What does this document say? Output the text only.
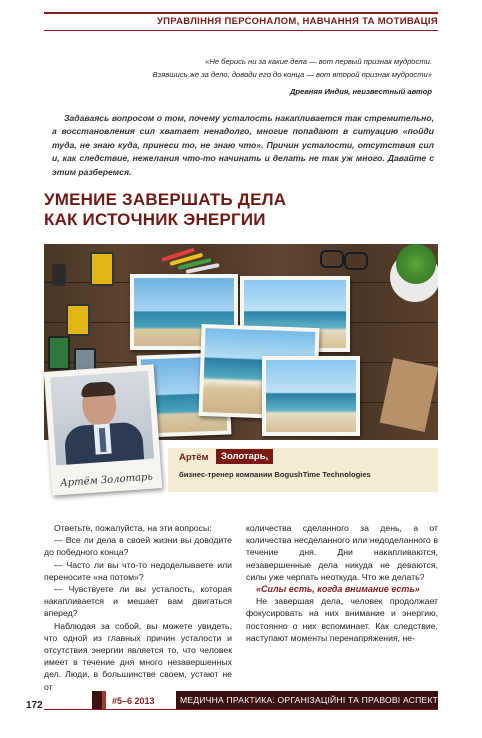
УПРАВЛІННЯ ПЕРСОНАЛОМ, НАВЧАННЯ ТА МОТИВАЦІЯ
«Не берись ни за какие дела — вот первый признак мудрости.
Взявшись же за дело, доводи его до конца — вот второй признак мудрости»
Древняя Индия, неизвестный автор
Задаваясь вопросом о том, почему усталость накапливается так стремительно, а восстановления сил хватает ненадолго, многие попадают в ситуацию «пойди туда, не знаю куда, принеси то, не знаю что». Причин усталости, отсутствия сил и, как следствие, нежелания что-то начинать и делать не так уж много. Давайте с этим разберемся.
УМЕНИЕ ЗАВЕРШАТЬ ДЕЛА
КАК ИСТОЧНИК ЭНЕРГИИ
Артём Золотарь
Артём	Золотарь,
бизнес-тренер компании BogushTime Technologies

Ответьте, пожалуйста, на эти вопросы:

— Все ли дела в своей жизни вы доводите до победного конца?

— Часто ли вы что-то недоделываете или переносите «на потом»?

— Чувствуете ли вы усталость, которая накапливается и мешает вам двигаться вперед?

Наблюдая за собой, вы можете увидеть, что одной из главных причин усталости и отсутствия энергии является то, что человек имеет в течение дня много незавершенных дел. Люди, в большинстве своем, устают не от

количества сделанного за день, а от количества несделанного или недоделанного в течение дня. Дни накапливаются, незавершенные дела никуда не деваются, силы уже черпать неоткуда. Что же делать?

«Силы есть, когда внимание есть»

Не завершая дела, человек продолжает фокусировать на них внимание и энергию, постоянно о них вспоминает. Как следствие, наступают моменты перенапряжения, не-

172	#5–6 2013	МЕДИЧНА ПРАКТИКА: ОРГАНІЗАЦІЙНІ ТА ПРАВОВІ АСПЕКТИ
